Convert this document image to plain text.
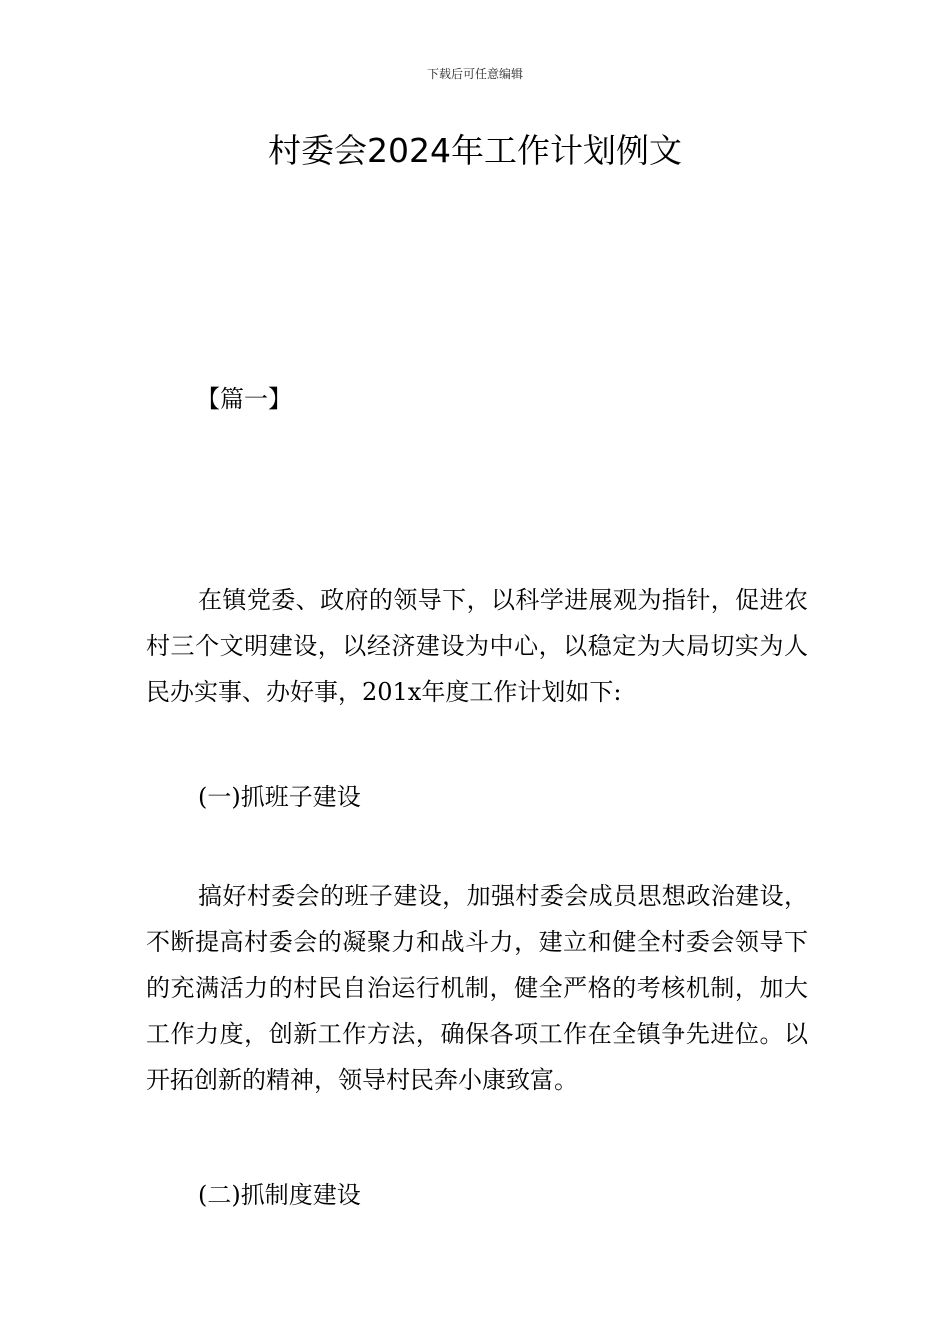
下载后可任意编辑
村委会2024年工作计划例文

【篇一】

在镇党委、政府的领导下，以科学进展观为指针，促进农村三个文明建设，以经济建设为中心，以稳定为大局切实为人民办实事、办好事，201x年度工作计划如下:

(一)抓班子建设

搞好村委会的班子建设，加强村委会成员思想政治建设，不断提高村委会的凝聚力和战斗力，建立和健全村委会领导下的充满活力的村民自治运行机制，健全严格的考核机制，加大工作力度，创新工作方法，确保各项工作在全镇争先进位。以开拓创新的精神，领导村民奔小康致富。

(二)抓制度建设
